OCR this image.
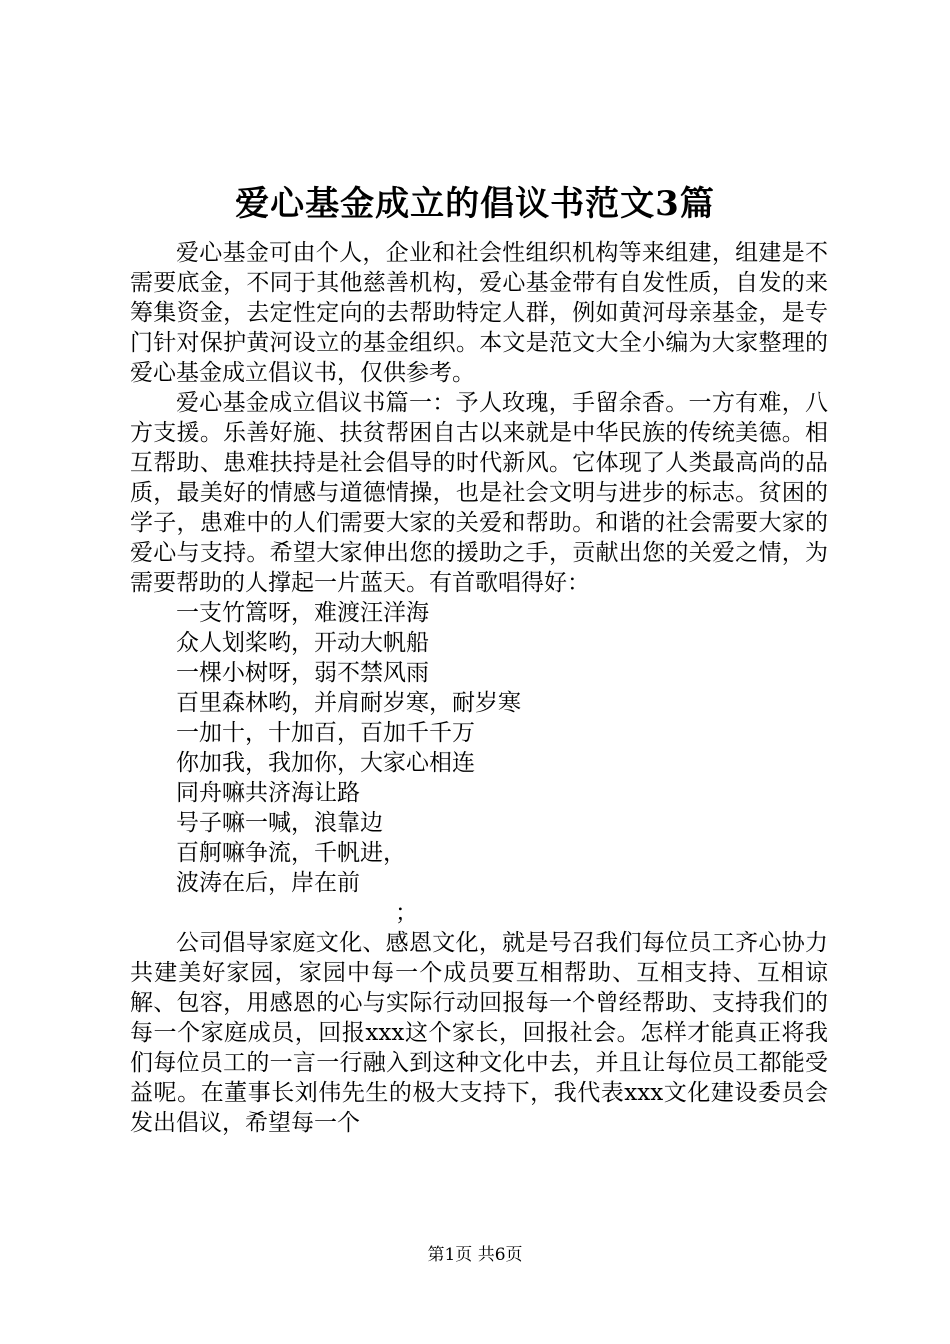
爱心基金成立的倡议书范文3篇

爱心基金可由个人，企业和社会性组织机构等来组建，组建是不需要底金，不同于其他慈善机构，爱心基金带有自发性质，自发的来筹集资金，去定性定向的去帮助特定人群，例如黄河母亲基金，是专门针对保护黄河设立的基金组织。本文是范文大全小编为大家整理的爱心基金成立倡议书，仅供参考。

爱心基金成立倡议书篇一：予人玫瑰，手留余香。一方有难，八方支援。乐善好施、扶贫帮困自古以来就是中华民族的传统美德。相互帮助、患难扶持是社会倡导的时代新风。它体现了人类最高尚的品质，最美好的情感与道德情操，也是社会文明与进步的标志。贫困的学子，患难中的人们需要大家的关爱和帮助。和谐的社会需要大家的爱心与支持。希望大家伸出您的援助之手，贡献出您的关爱之情，为需要帮助的人撑起一片蓝天。有首歌唱得好：

一支竹篙呀，难渡汪洋海

众人划桨哟，开动大帆船

一棵小树呀，弱不禁风雨

百里森林哟，并肩耐岁寒，耐岁寒

一加十，十加百，百加千千万

你加我，我加你，大家心相连

同舟嘛共济海让路

号子嘛一喊，浪靠边

百舸嘛争流，千帆进，

波涛在后，岸在前

；

公司倡导家庭文化、感恩文化，就是号召我们每位员工齐心协力共建美好家园，家园中每一个成员要互相帮助、互相支持、互相谅解、包容，用感恩的心与实际行动回报每一个曾经帮助、支持我们的每一个家庭成员，回报xxx这个家长，回报社会。怎样才能真正将我们每位员工的一言一行融入到这种文化中去，并且让每位员工都能受益呢。在董事长刘伟先生的极大支持下，我代表xxx文化建设委员会发出倡议，希望每一个

第1页 共6页
